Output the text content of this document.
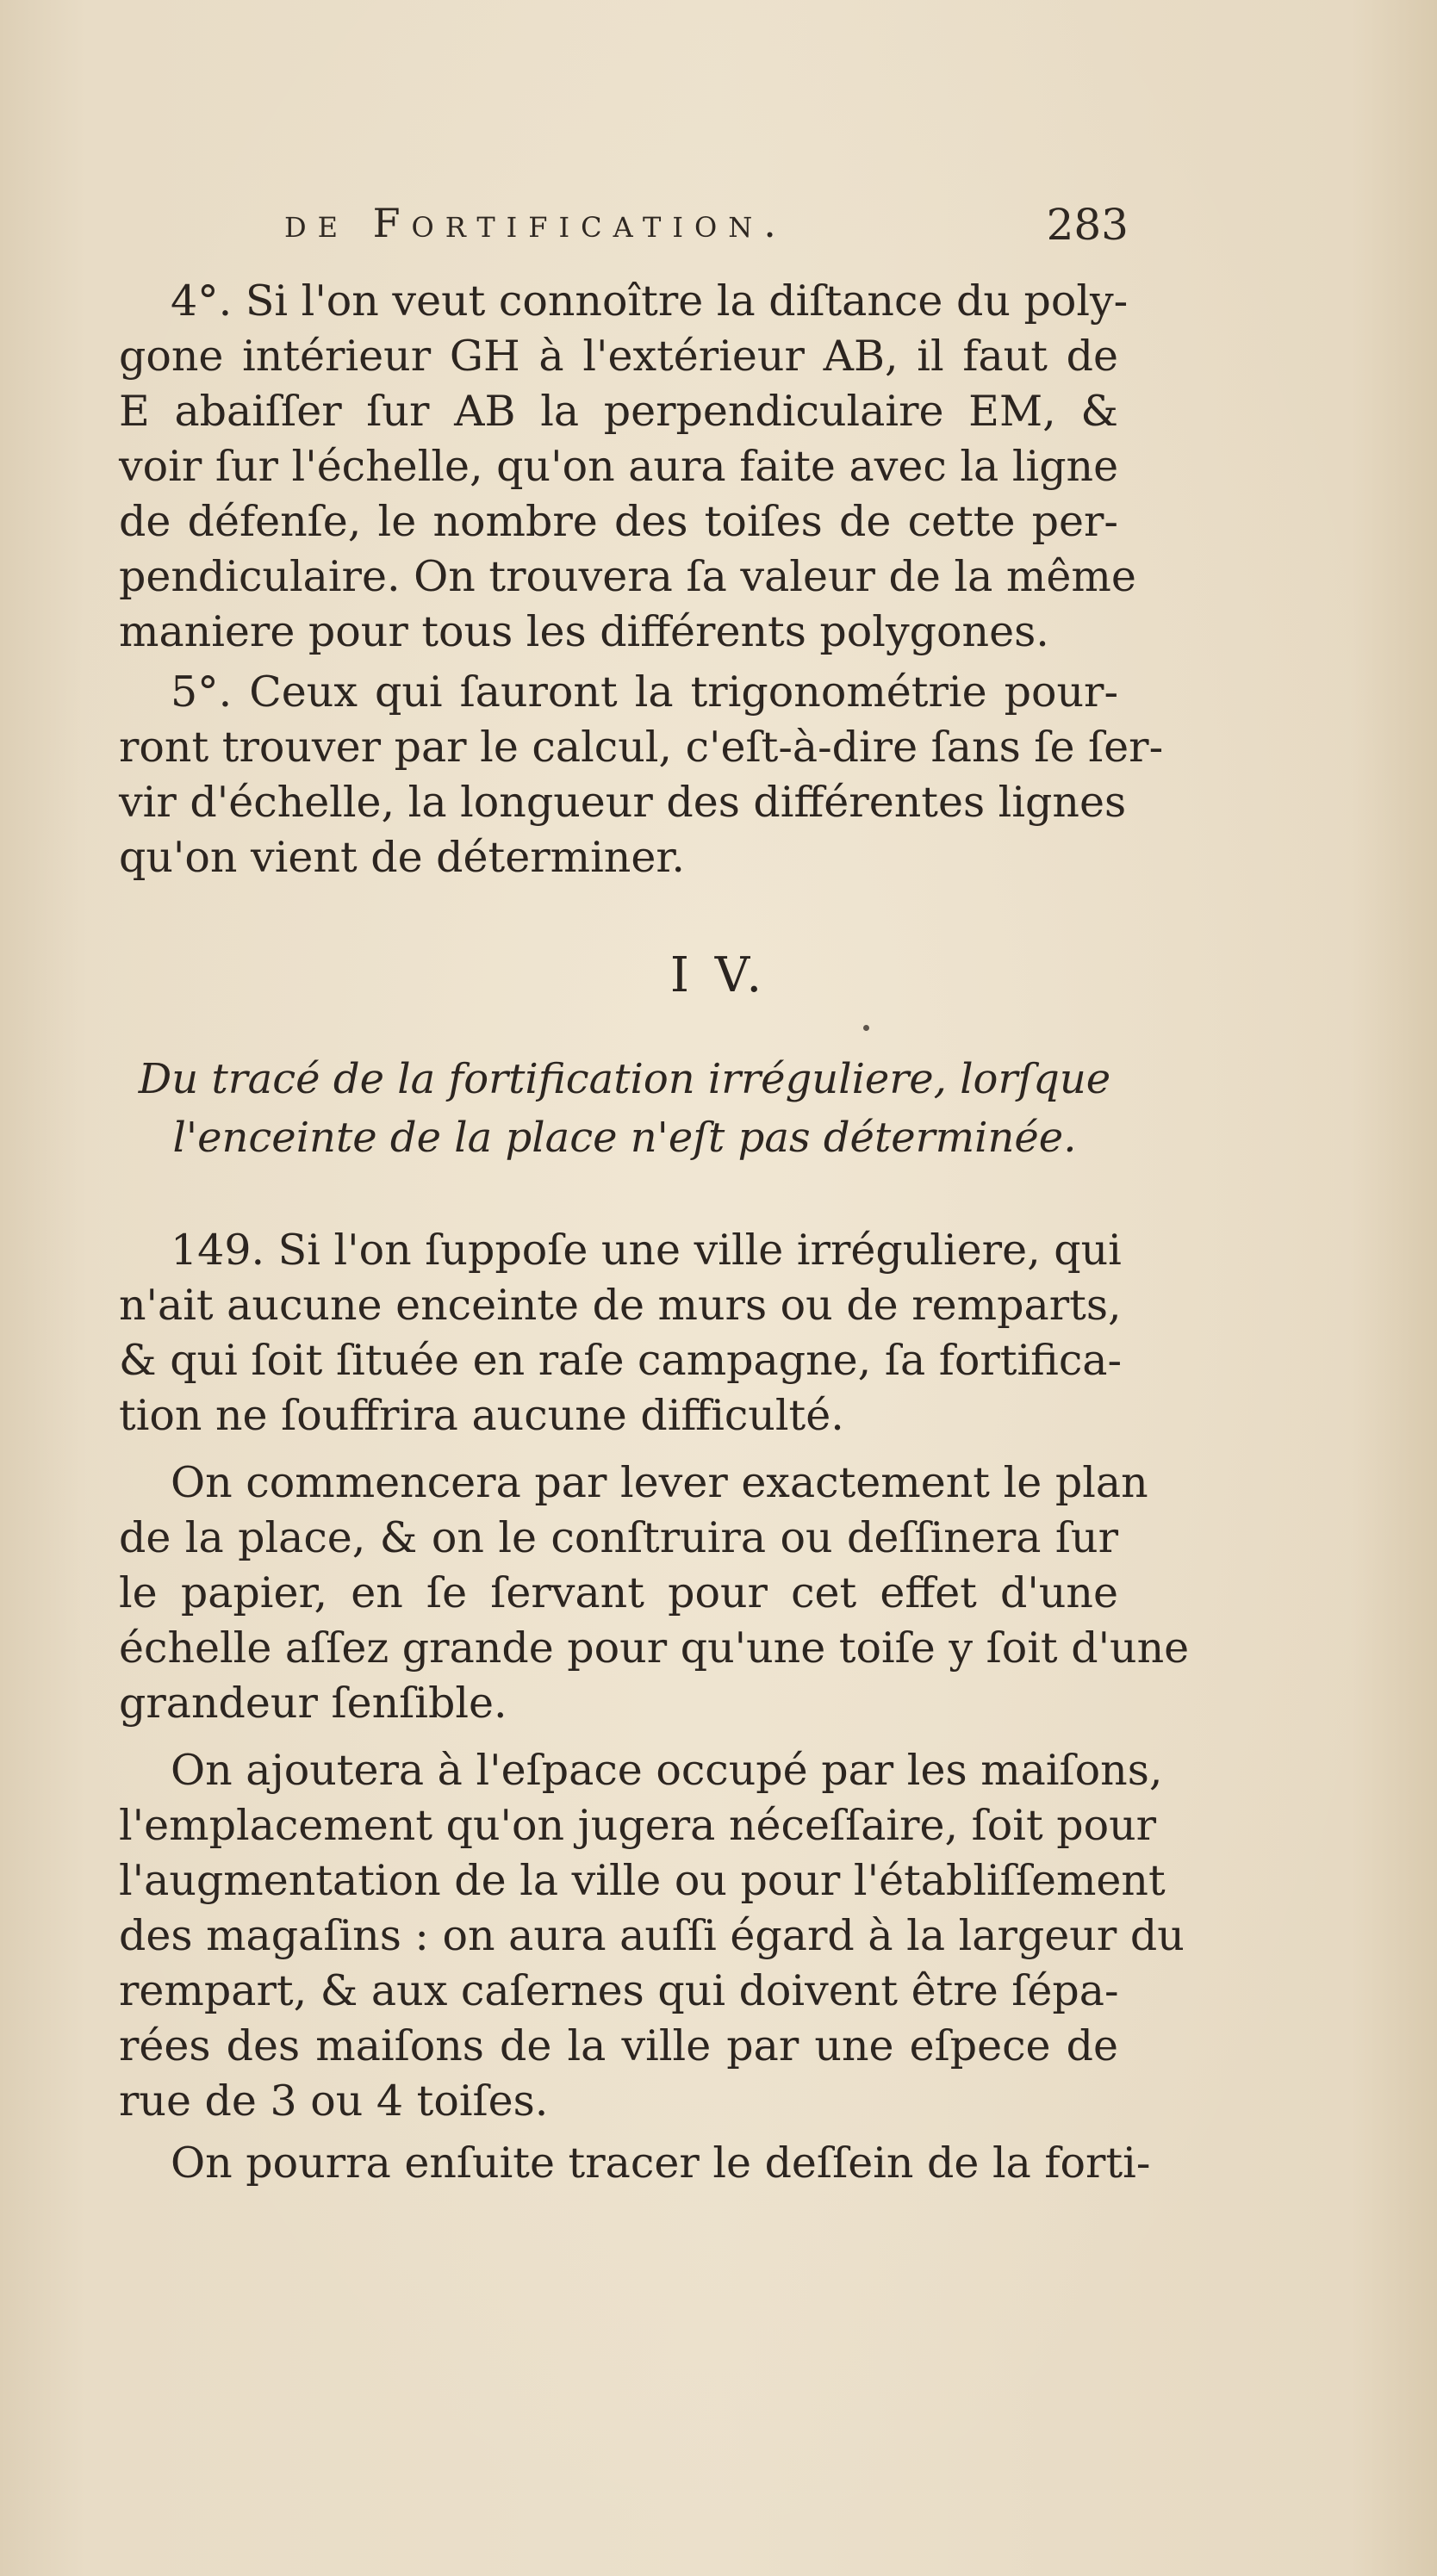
de Fortification.	283
4°. Si l'on veut connoître la diſtance du poly-
gone intérieur GH à l'extérieur AB, il faut de
E abaiſſer ſur AB la perpendiculaire EM, &
voir ſur l'échelle, qu'on aura faite avec la ligne
de défenſe, le nombre des toiſes de cette per-
pendiculaire. On trouvera ſa valeur de la même
maniere pour tous les différents polygones.
5°. Ceux qui ſauront la trigonométrie pour-
ront trouver par le calcul, c'eſt-à-dire ſans ſe ſer-
vir d'échelle, la longueur des différentes lignes
qu'on vient de déterminer.
I V.
Du tracé de la fortification irréguliere, lorſque
l'enceinte de la place n'eſt pas déterminée.
149. Si l'on ſuppoſe une ville irréguliere, qui
n'ait aucune enceinte de murs ou de remparts,
& qui ſoit ſituée en raſe campagne, ſa fortifica-
tion ne ſouffrira aucune difficulté.
On commencera par lever exactement le plan
de la place, & on le conſtruira ou deſſinera ſur
le papier, en ſe ſervant pour cet effet d'une
échelle aſſez grande pour qu'une toiſe y ſoit d'une
grandeur ſenſible.
On ajoutera à l'eſpace occupé par les maiſons,
l'emplacement qu'on jugera néceſſaire, ſoit pour
l'augmentation de la ville ou pour l'établiſſement
des magaſins : on aura auſſi égard à la largeur du
rempart, & aux caſernes qui doivent être ſépa-
rées des maiſons de la ville par une eſpece de
rue de 3 ou 4 toiſes.
On pourra enſuite tracer le deſſein de la forti-
